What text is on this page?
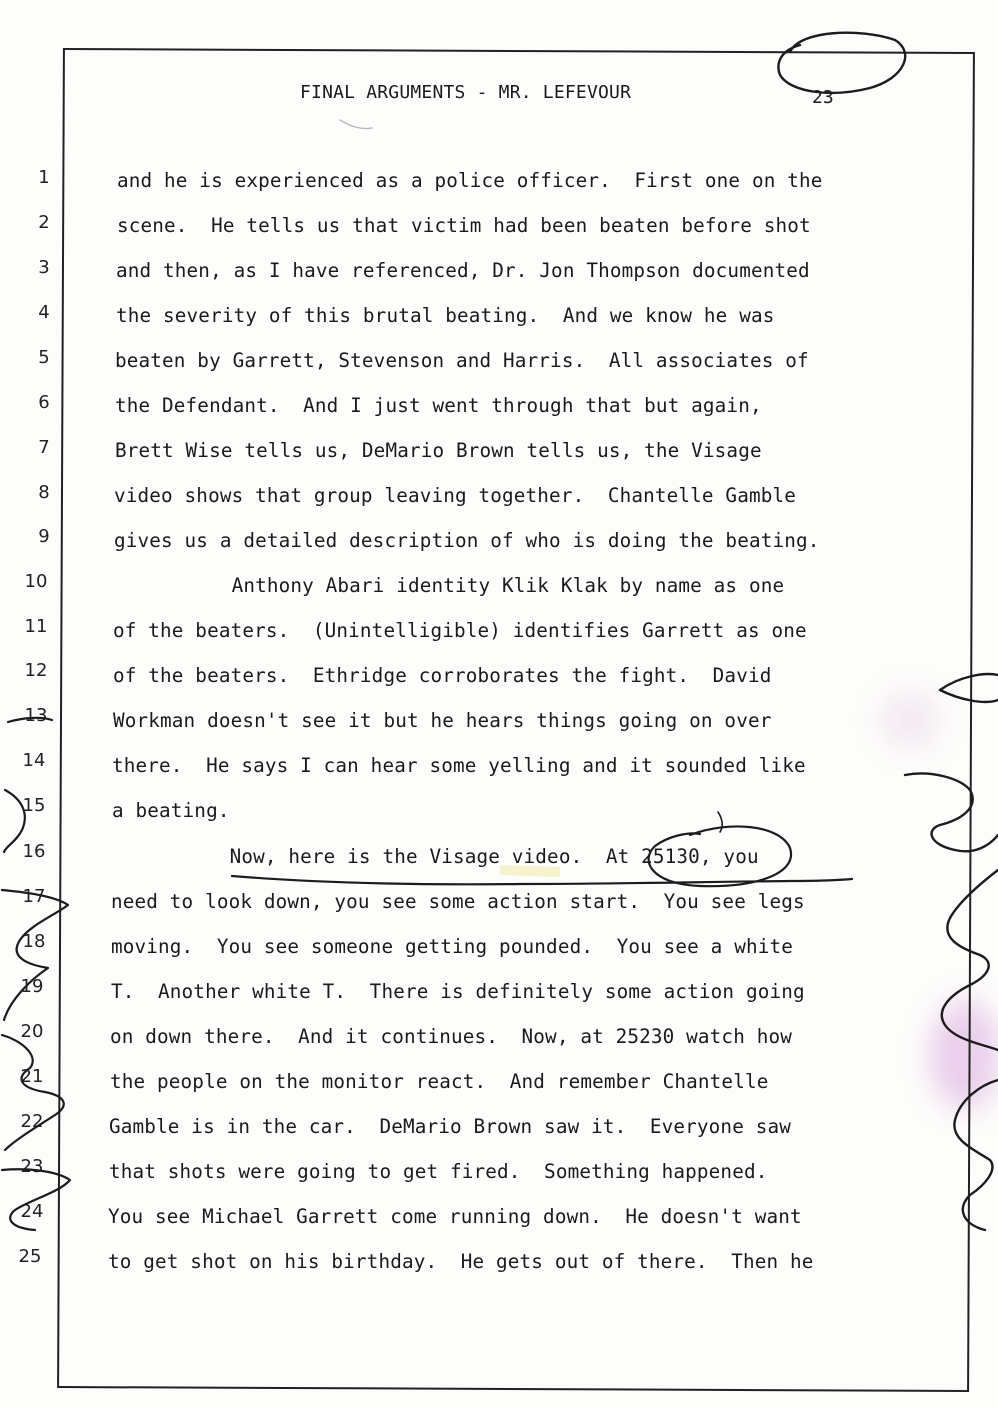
FINAL ARGUMENTS - MR. LEFEVOUR	23
1
2
3
4
5
6
7
8
9
10
11
12
13
14
15
16
17
18
19
20
21
22
23
24
25
and he is experienced as a police officer.  First one on the
scene.  He tells us that victim had been beaten before shot
and then, as I have referenced, Dr. Jon Thompson documented
the severity of this brutal beating.  And we know he was
beaten by Garrett, Stevenson and Harris.  All associates of
the Defendant.  And I just went through that but again,
Brett Wise tells us, DeMario Brown tells us, the Visage
video shows that group leaving together.  Chantelle Gamble
gives us a detailed description of who is doing the beating.
Anthony Abari identity Klik Klak by name as one
of the beaters.  (Unintelligible) identifies Garrett as one
of the beaters.  Ethridge corroborates the fight.  David
Workman doesn't see it but he hears things going on over
there.  He says I can hear some yelling and it sounded like
a beating.
Now, here is the Visage video.  At 25130, you
need to look down, you see some action start.  You see legs
moving.  You see someone getting pounded.  You see a white
T.  Another white T.  There is definitely some action going
on down there.  And it continues.  Now, at 25230 watch how
the people on the monitor react.  And remember Chantelle
Gamble is in the car.  DeMario Brown saw it.  Everyone saw
that shots were going to get fired.  Something happened.
You see Michael Garrett come running down.  He doesn't want
to get shot on his birthday.  He gets out of there.  Then he
